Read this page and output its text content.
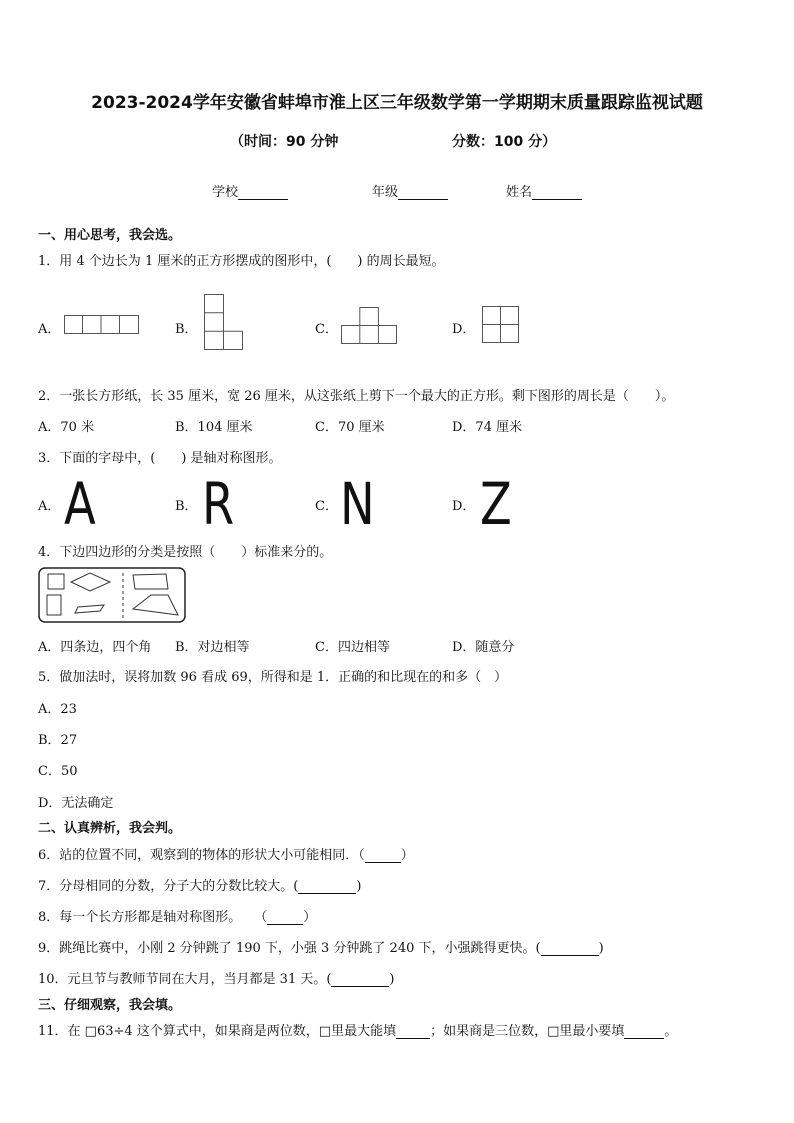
2023-2024学年安徽省蚌埠市淮上区三年级数学第一学期期末质量跟踪监视试题
（时间：90 分钟	分数：100 分）
学校	年级	姓名
一、用心思考，我会选。
1．用 4 个边长为 1 厘米的正方形摆成的图形中，(　　) 的周长最短。
A．	B．	C．	D．
2．一张长方形纸，长 35 厘米，宽 26 厘米，从这张纸上剪下一个最大的正方形。剩下图形的周长是（　　）。
A．70 米	B．104 厘米	C．70 厘米	D．74 厘米
3．下面的字母中，(　　) 是轴对称图形。
A． A	B． R	C． N	D． Z
4．下边四边形的分类是按照（　　）标准来分的。
A．四条边，四个角 B．对边相等	C．四边相等	D．随意分
5．做加法时，误将加数 96 看成 69，所得和是 1．正确的和比现在的和多（　）
A．23
B．27
C．50
D．无法确定
二、认真辨析，我会判。
6．站的位置不同，观察到的物体的形状大小可能相同．（	）
7．分母相同的分数，分子大的分数比较大。(	)
8．每一个长方形都是轴对称图形。　　（	）
9．跳绳比赛中，小刚 2 分钟跳了 190 下，小强 3 分钟跳了 240 下，小强跳得更快。(	)
10．元旦节与教师节同在大月，当月都是 31 天。(	)
三、仔细观察，我会填。
11．在 □63÷4 这个算式中，如果商是两位数，□里最大能填	；如果商是三位数，□里最小要填	。
